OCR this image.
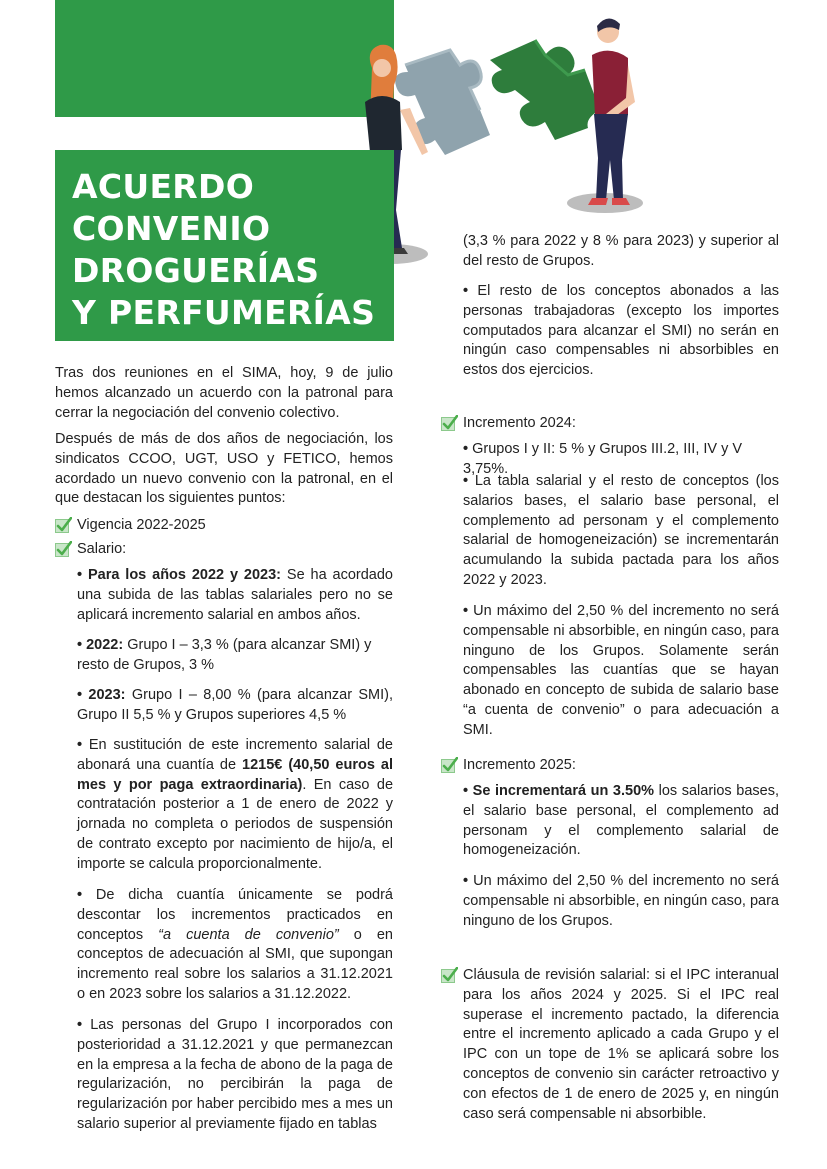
ACUERDO
CONVENIO
DROGUERÍAS
Y PERFUMERÍAS
Tras dos reuniones en el SIMA, hoy, 9 de julio hemos alcanzado un acuerdo con la patronal para cerrar la negociación del convenio colectivo.
Después de más de dos años de negociación, los sindicatos CCOO, UGT, USO y FETICO, hemos acordado un nuevo convenio con la patronal, en el que destacan los siguientes puntos:
Vigencia 2022-2025
Salario:
• Para los años 2022 y 2023: Se ha acordado una subida de las tablas salariales pero no se aplicará incremento salarial en ambos años.
• 2022: Grupo I – 3,3 % (para alcanzar SMI) y resto de Grupos, 3 %
• 2023: Grupo I – 8,00 % (para alcanzar SMI), Grupo II 5,5 % y Grupos superiores 4,5 %
• En sustitución de este incremento salarial de abonará una cuantía de 1215€ (40,50 euros al mes y por paga extraordinaria). En caso de contratación posterior a 1 de enero de 2022 y jornada no completa o periodos de suspensión de contrato excepto por nacimiento de hijo/a, el importe se calcula proporcionalmente.
• De dicha cuantía únicamente se podrá descontar los incrementos practicados en conceptos “a cuenta de convenio” o en conceptos de adecuación al SMI, que supongan incremento real sobre los salarios a 31.12.2021 o en 2023 sobre los salarios a 31.12.2022.
• Las personas del Grupo I incorporados con posterioridad a 31.12.2021 y que permanezcan en la empresa a la fecha de abono de la paga de regularización, no percibirán la paga de regularización por haber percibido mes a mes un salario superior al previamente fijado en tablas
(3,3 % para 2022 y 8 % para 2023) y superior al del resto de Grupos.
• El resto de los conceptos abonados a las personas trabajadoras (excepto los importes computados para alcanzar el SMI) no serán en ningún caso compensables ni absorbibles en estos dos ejercicios.
Incremento 2024:
• Grupos I y II: 5 % y Grupos III.2, III, IV y V 3,75%.
• La tabla salarial y el resto de conceptos (los salarios bases, el salario base personal, el complemento ad personam y el complemento salarial de homogeneización) se incrementarán acumulando la subida pactada para los años 2022 y 2023.
• Un máximo del 2,50 % del incremento no será compensable ni absorbible, en ningún caso, para ninguno de los Grupos. Solamente serán compensables las cuantías que se hayan abonado en concepto de subida de salario base “a cuenta de convenio” o para adecuación a SMI.
Incremento 2025:
• Se incrementará un 3.50% los salarios bases, el salario base personal, el complemento ad personam y el complemento salarial de homogeneización.
• Un máximo del 2,50 % del incremento no será compensable ni absorbible, en ningún caso, para ninguno de los Grupos.
Cláusula de revisión salarial: si el IPC interanual para los años 2024 y 2025. Si el IPC real superase el incremento pactado, la diferencia entre el incremento aplicado a cada Grupo y el IPC con un tope de 1% se aplicará sobre los conceptos de convenio sin carácter retroactivo y con efectos de 1 de enero de 2025 y, en ningún caso será compensable ni absorbible.
